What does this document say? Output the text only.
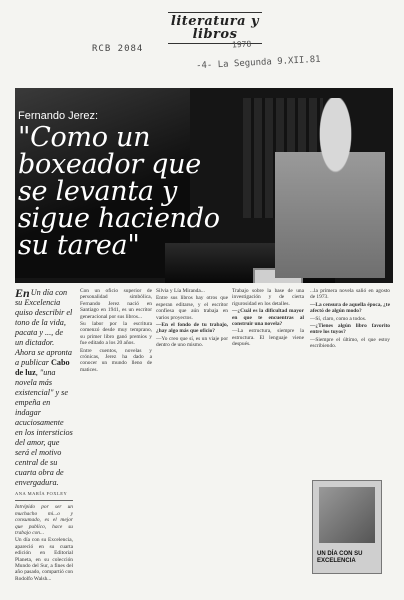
literatura y libros
1978
-4- La Segunda 9.XII.81
RCB 2084
Fernando Jerez:
"Como un boxeador que se levanta y sigue haciendo su tarea"
En Un día con su Excelencia quiso describir el tono de la vida, pacata y ..., de un dictador. Ahora se apronta a publicar Cabo de luz, "una novela más existencial" y se empeña en indagar acuciosamente en los intersticios del amor, que será el motivo central de su cuarta obra de envergadura.
ANA MARÍA FOXLEY

Intrépido por ser un muchacho mi...o y consumado, es el mejor que publico, hace su trabajo con...

Un día con su Excelencia, apareció en su cuarta edición en Editorial Planeta, en su colección Mundo del Sur, a fines del año pasado, compartió con Rodolfo Walsh...

Con un oficio superior de personalidad simbólica, Fernando Jerez nació en Santiago en 1941, es un escritor generacional por sus libros...

Su labor por la escritura comenzó desde muy temprano, su primer libro ganó premios y fue editado a los 20 años.

Entre cuentos, novelas y crónicas, Jerez ha dado a conocer un mundo lleno de matices.

Silvia y Lía Miranda...

Entre sus libros hay otros que esperan editarse, y el escritor confiesa que aún trabaja en varios proyectos.

—En el fondo de tu trabajo, ¿hay algo más que oficio?

—Yo creo que sí, es un viaje por dentro de uno mismo.

Trabajo sobre la base de una investigación y de cierta rigurosidad en los detalles.

—¿Cuál es la dificultad mayor en que te encuentras al construir una novela?

—La estructura, siempre la estructura. El lenguaje viene después.

...la primera novela salió en agosto de 1973.

—La censura de aquella época, ¿te afectó de algún modo?

—Sí, claro, como a todos.

—¿Tienes algún libro favorito entre los tuyos?

—Siempre el último, el que estoy escribiendo.

UN DÍA CON SU EXCELENCIA
